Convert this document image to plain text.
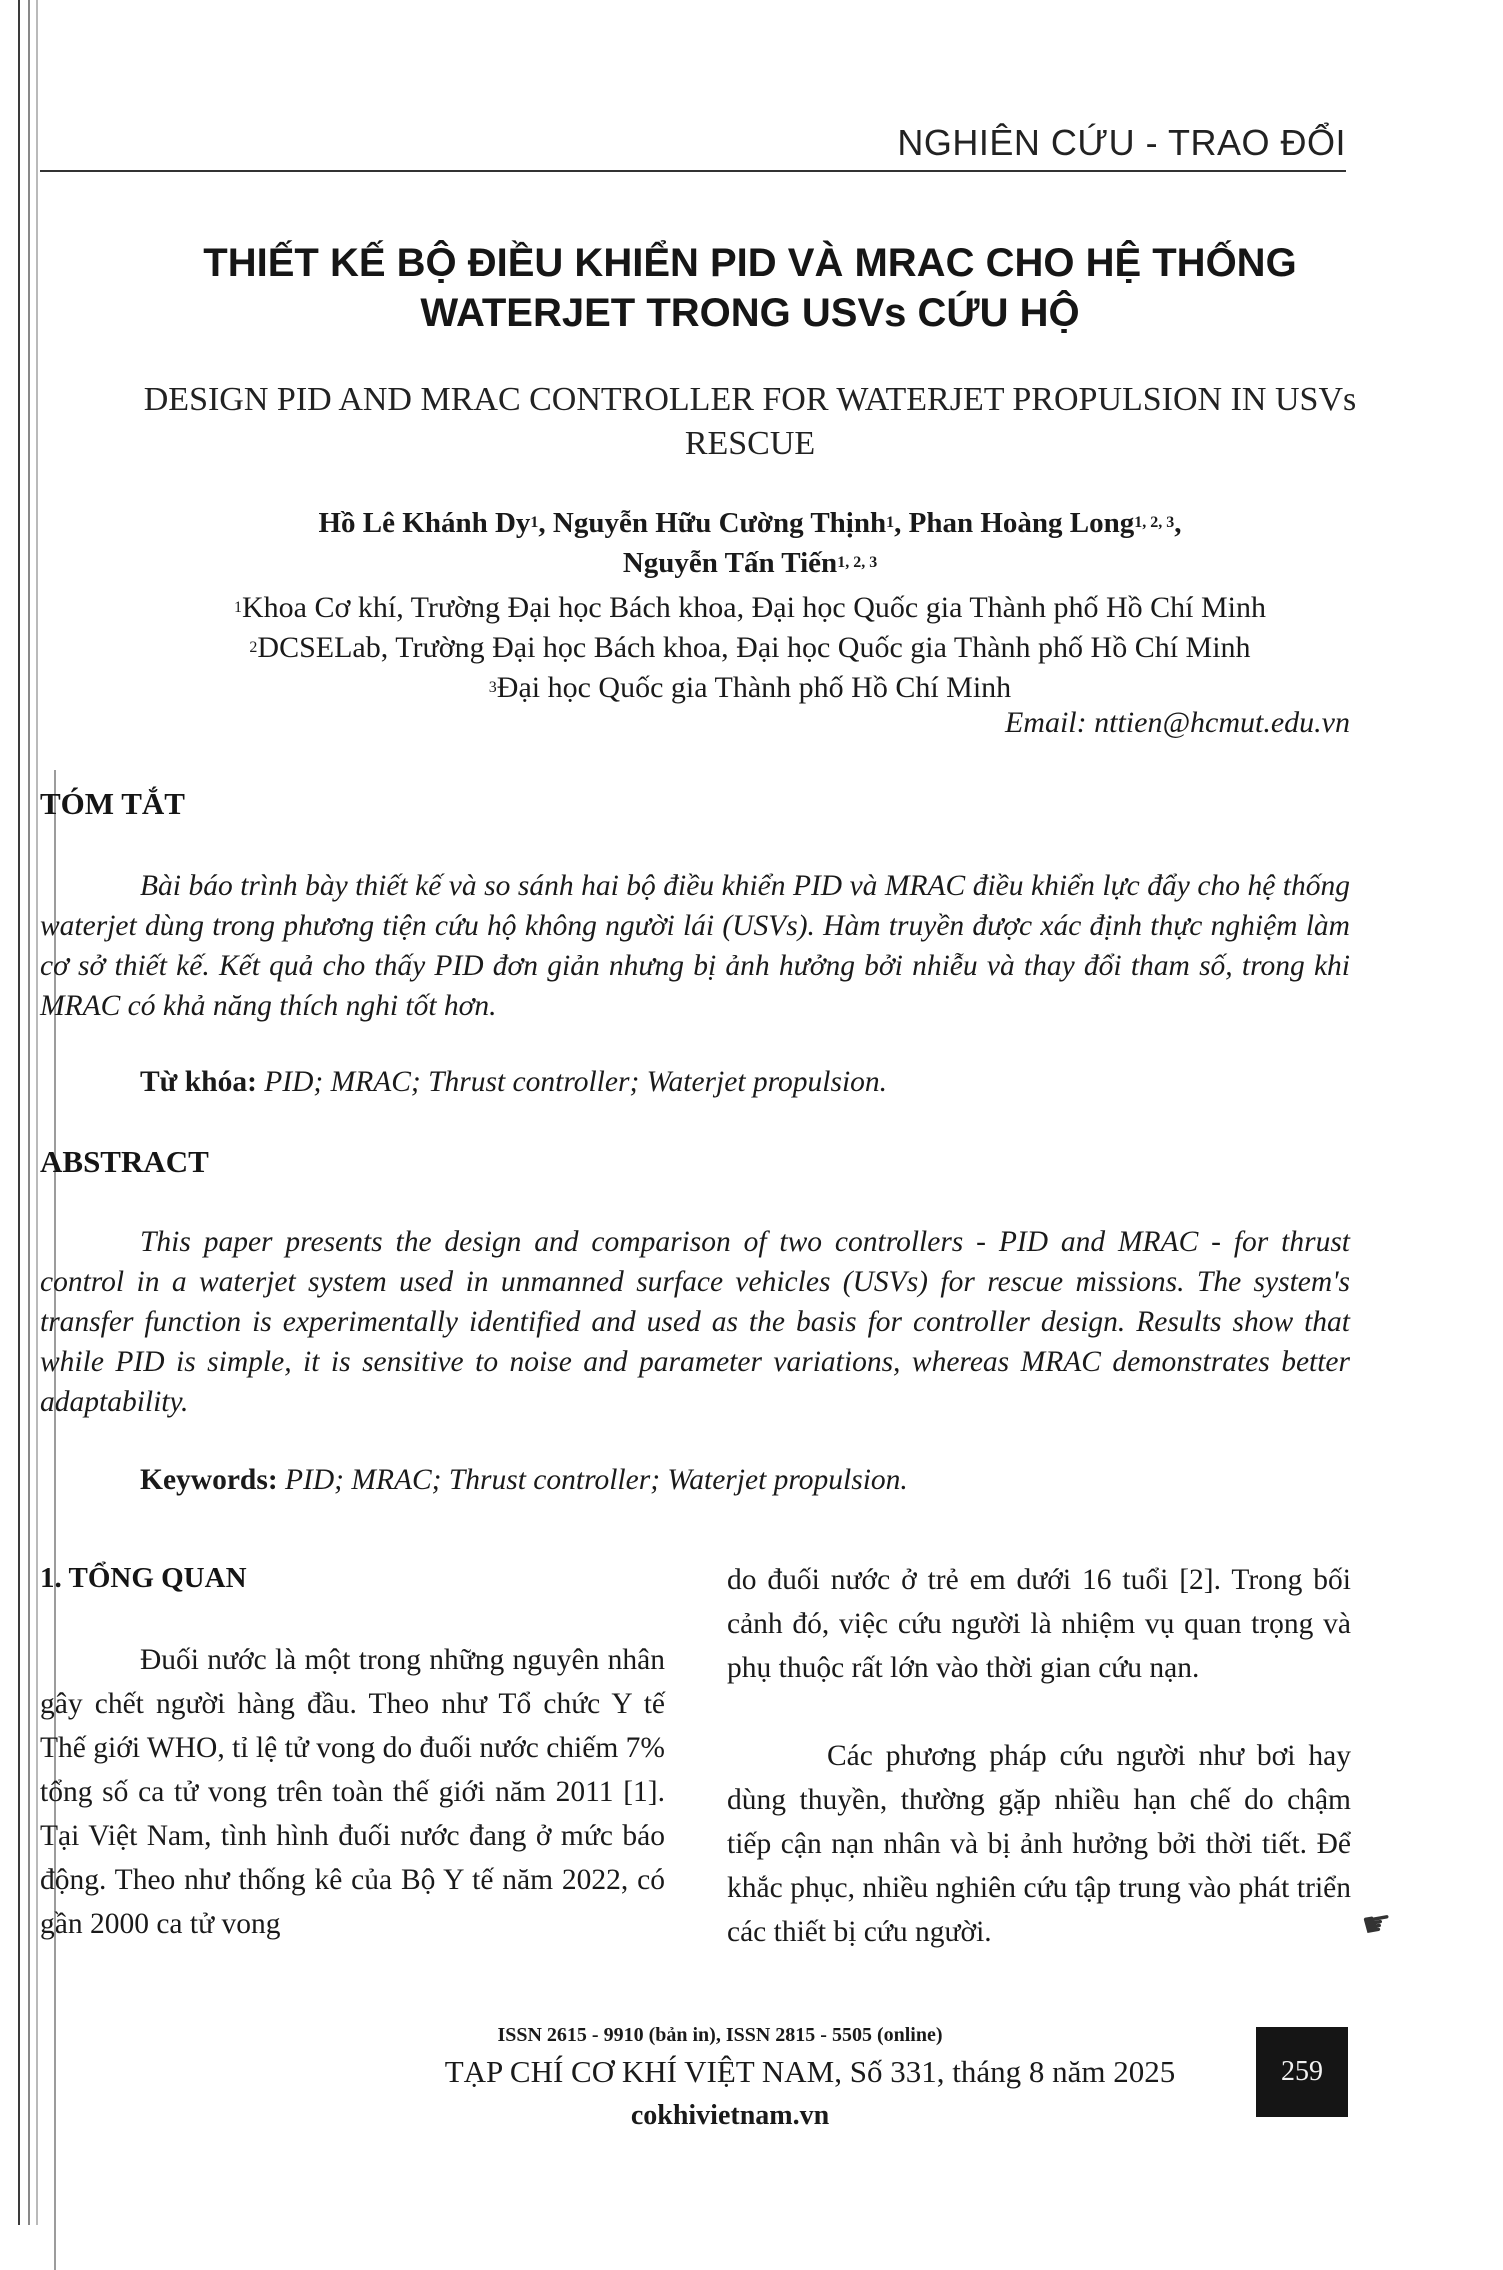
NGHIÊN CỨU - TRAO ĐỔI
THIẾT KẾ BỘ ĐIỀU KHIỂN PID VÀ MRAC CHO HỆ THỐNG
WATERJET TRONG USVs CỨU HỘ
DESIGN PID AND MRAC CONTROLLER FOR WATERJET PROPULSION IN USVs
RESCUE
Hồ Lê Khánh Dy$^1$, Nguyễn Hữu Cường Thịnh$^1$, Phan Hoàng Long$^{1, 2, 3}$,
Nguyễn Tấn Tiến$^{1, 2, 3}$
$^1$Khoa Cơ khí, Trường Đại học Bách khoa, Đại học Quốc gia Thành phố Hồ Chí Minh
$^2$DCSELab, Trường Đại học Bách khoa, Đại học Quốc gia Thành phố Hồ Chí Minh
$^3$Đại học Quốc gia Thành phố Hồ Chí Minh
Email: nttien@hcmut.edu.vn
TÓM TẮT
Bài báo trình bày thiết kế và so sánh hai bộ điều khiển PID và MRAC điều khiển lực đẩy cho hệ thống waterjet dùng trong phương tiện cứu hộ không người lái (USVs). Hàm truyền được xác định thực nghiệm làm cơ sở thiết kế. Kết quả cho thấy PID đơn giản nhưng bị ảnh hưởng bởi nhiễu và thay đổi tham số, trong khi MRAC có khả năng thích nghi tốt hơn.
Từ khóa: PID; MRAC; Thrust controller; Waterjet propulsion.
ABSTRACT
This paper presents the design and comparison of two controllers - PID and MRAC - for thrust control in a waterjet system used in unmanned surface vehicles (USVs) for rescue missions. The system's transfer function is experimentally identified and used as the basis for controller design. Results show that while PID is simple, it is sensitive to noise and parameter variations, whereas MRAC demonstrates better adaptability.
Keywords: PID; MRAC; Thrust controller; Waterjet propulsion.
1. TỔNG QUAN
Đuối nước là một trong những nguyên nhân gây chết người hàng đầu. Theo như Tổ chức Y tế Thế giới WHO, tỉ lệ tử vong do đuối nước chiếm 7% tổng số ca tử vong trên toàn thế giới năm 2011 [1]. Tại Việt Nam, tình hình đuối nước đang ở mức báo động. Theo như thống kê của Bộ Y tế năm 2022, có gần 2000 ca tử vong
do đuối nước ở trẻ em dưới 16 tuổi [2]. Trong bối cảnh đó, việc cứu người là nhiệm vụ quan trọng và phụ thuộc rất lớn vào thời gian cứu nạn.
Các phương pháp cứu người như bơi hay dùng thuyền, thường gặp nhiều hạn chế do chậm tiếp cận nạn nhân và bị ảnh hưởng bởi thời tiết. Để khắc phục, nhiều nghiên cứu tập trung vào phát triển các thiết bị cứu người.	☛
ISSN 2615 - 9910 (bản in), ISSN 2815 - 5505 (online)
TẠP CHÍ CƠ KHÍ VIỆT NAM, Số 331, tháng 8 năm 2025
cokhivietnam.vn
259
